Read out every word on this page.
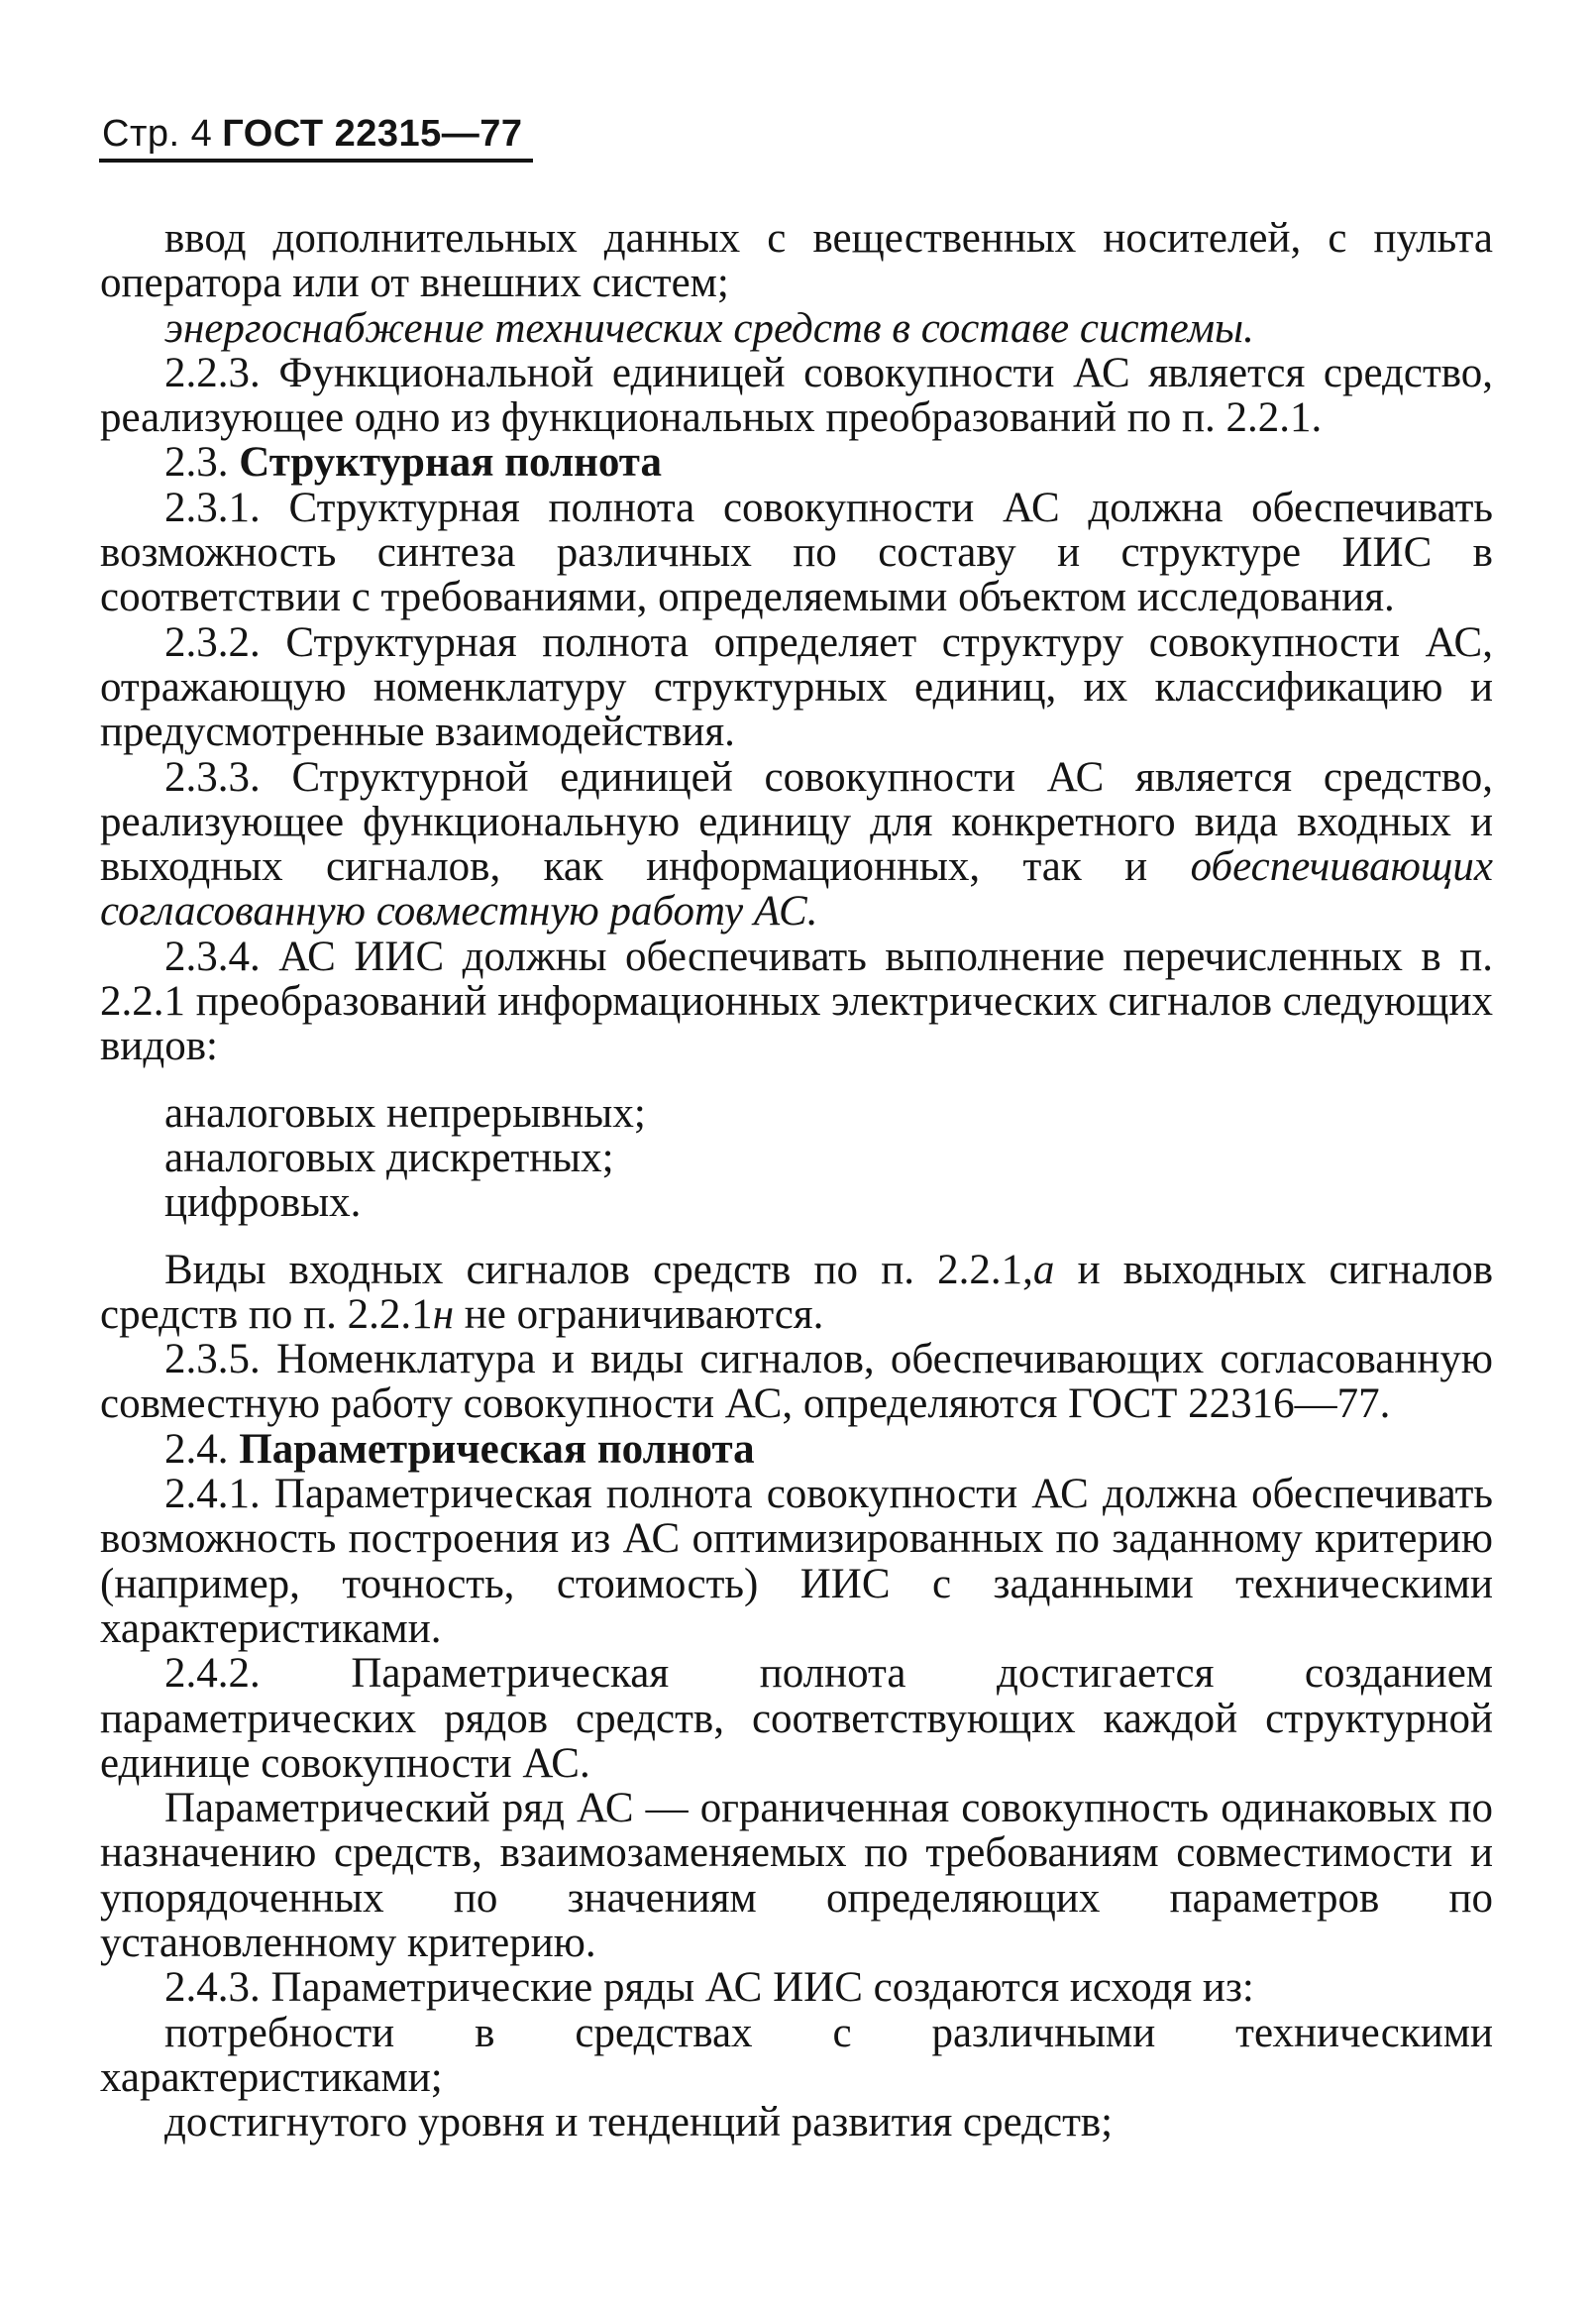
Стр. 4 ГОСТ 22315—77

ввод дополнительных данных с вещественных носителей, с пульта оператора или от внешних систем;

энергоснабжение технических средств в составе системы.

2.2.3. Функциональной единицей совокупности АС является средство, реализующее одно из функциональных преобразований по п. 2.2.1.

2.3. Структурная полнота

2.3.1. Структурная полнота совокупности АС должна обеспечивать возможность синтеза различных по составу и структуре ИИС в соответствии с требованиями, определяемыми объектом исследования.

2.3.2. Структурная полнота определяет структуру совокупности АС, отражающую номенклатуру структурных единиц, их классификацию и предусмотренные взаимодействия.

2.3.3. Структурной единицей совокупности АС является средство, реализующее функциональную единицу для конкретного вида входных и выходных сигналов, как информационных, так и обеспечивающих согласованную совместную работу АС.

2.3.4. АС ИИС должны обеспечивать выполнение перечисленных в п. 2.2.1 преобразований информационных электрических сигналов следующих видов:

аналоговых непрерывных;

аналоговых дискретных;

цифровых.

Виды входных сигналов средств по п. 2.2.1,а и выходных сигналов средств по п. 2.2.1н не ограничиваются.

2.3.5. Номенклатура и виды сигналов, обеспечивающих согласованную совместную работу совокупности АС, определяются ГОСТ 22316—77.

2.4. Параметрическая полнота

2.4.1. Параметрическая полнота совокупности АС должна обеспечивать возможность построения из АС оптимизированных по заданному критерию (например, точность, стоимость) ИИС с заданными техническими характеристиками.

2.4.2. Параметрическая полнота достигается созданием параметрических рядов средств, соответствующих каждой структурной единице совокупности АС.

Параметрический ряд АС — ограниченная совокупность одинаковых по назначению средств, взаимозаменяемых по требованиям совместимости и упорядоченных по значениям определяющих параметров по установленному критерию.

2.4.3. Параметрические ряды АС ИИС создаются исходя из:

потребности в средствах с различными техническими характеристиками;

достигнутого уровня и тенденций развития средств;
